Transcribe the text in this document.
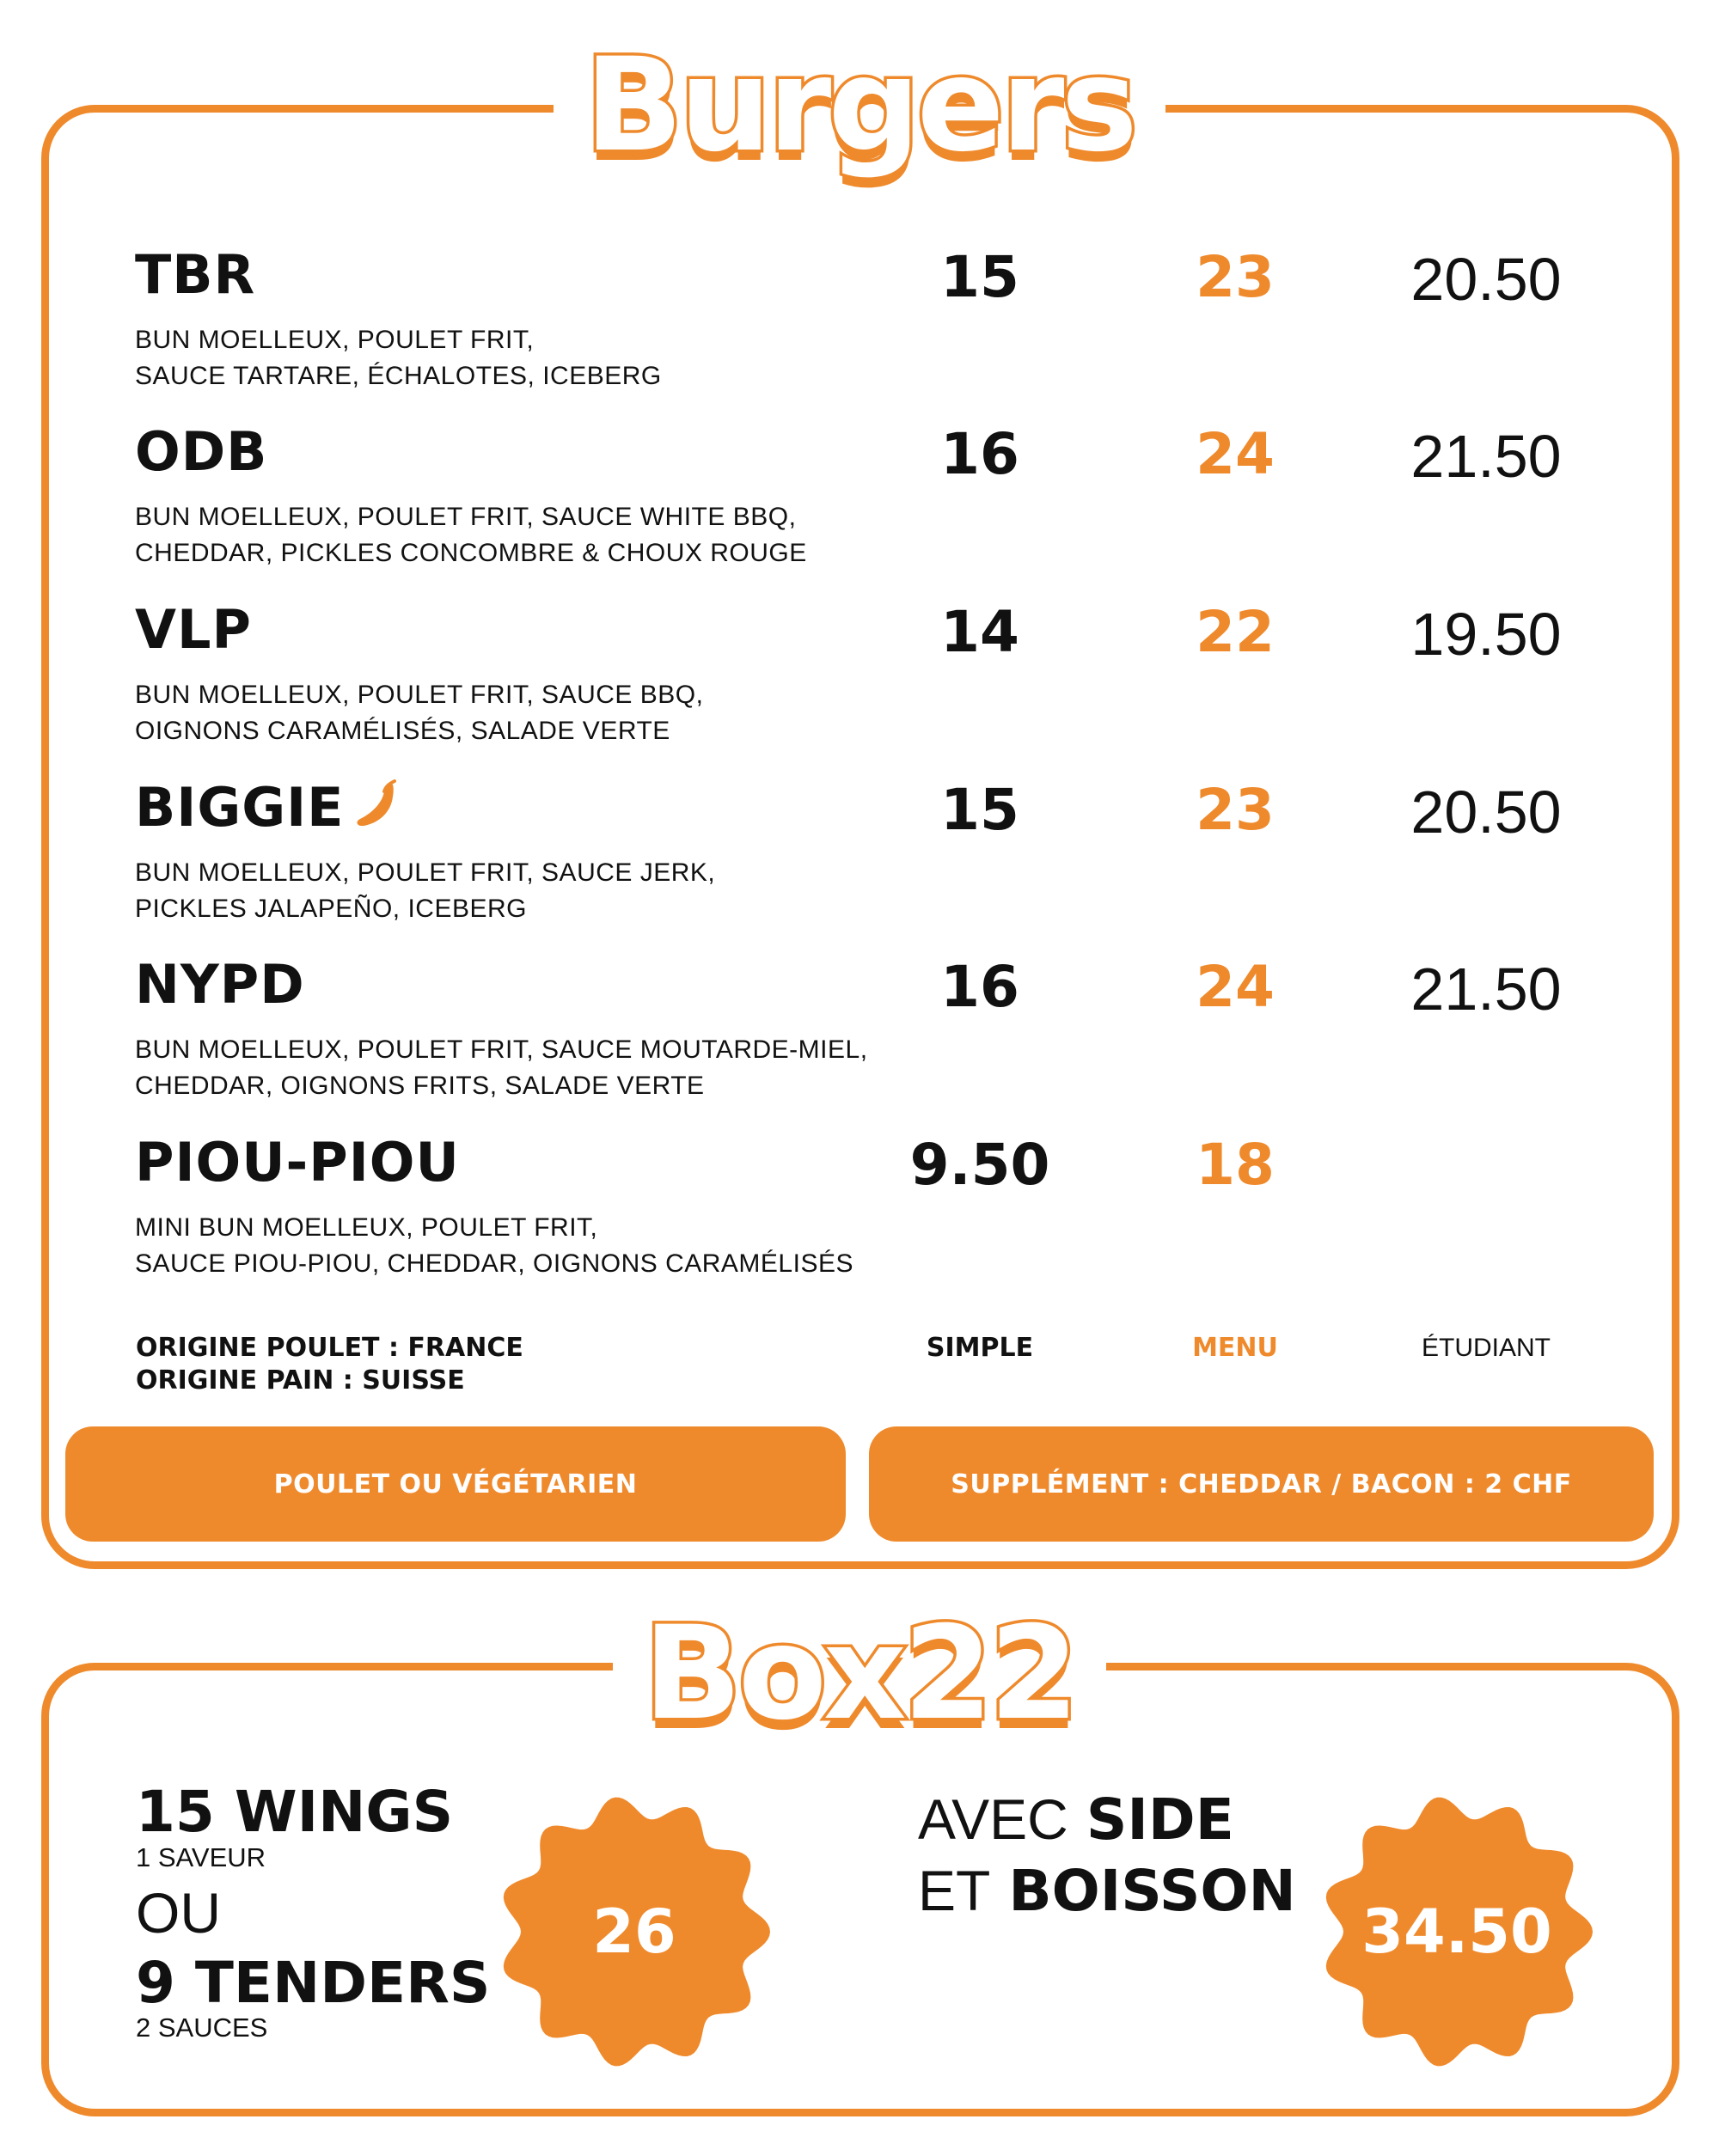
Burgers
TBR
BUN MOELLEUX, POULET FRIT,
SAUCE TARTARE, ÉCHALOTES, ICEBERG
15	23	20.50
ODB
BUN MOELLEUX, POULET FRIT, SAUCE WHITE BBQ,
CHEDDAR, PICKLES CONCOMBRE & CHOUX ROUGE
16	24	21.50
VLP
BUN MOELLEUX, POULET FRIT, SAUCE BBQ,
OIGNONS CARAMÉLISÉS, SALADE VERTE
14	22	19.50
BIGGIE
BUN MOELLEUX, POULET FRIT, SAUCE JERK,
PICKLES JALAPEÑO, ICEBERG
15	23	20.50
NYPD
BUN MOELLEUX, POULET FRIT, SAUCE MOUTARDE-MIEL,
CHEDDAR, OIGNONS FRITS, SALADE VERTE
16	24	21.50
PIOU-PIOU
MINI BUN MOELLEUX, POULET FRIT,
SAUCE PIOU-PIOU, CHEDDAR, OIGNONS CARAMÉLISÉS
9.50	18
ORIGINE POULET : FRANCE
ORIGINE PAIN : SUISSE
SIMPLE	MENU	ÉTUDIANT
POULET OU VÉGÉTARIEN	SUPPLÉMENT : CHEDDAR / BACON : 2 CHF
Box22
15 WINGS
1 SAVEUR
OU
9 TENDERS
2 SAUCES
26
AVEC SIDE
ET BOISSON
34.50
